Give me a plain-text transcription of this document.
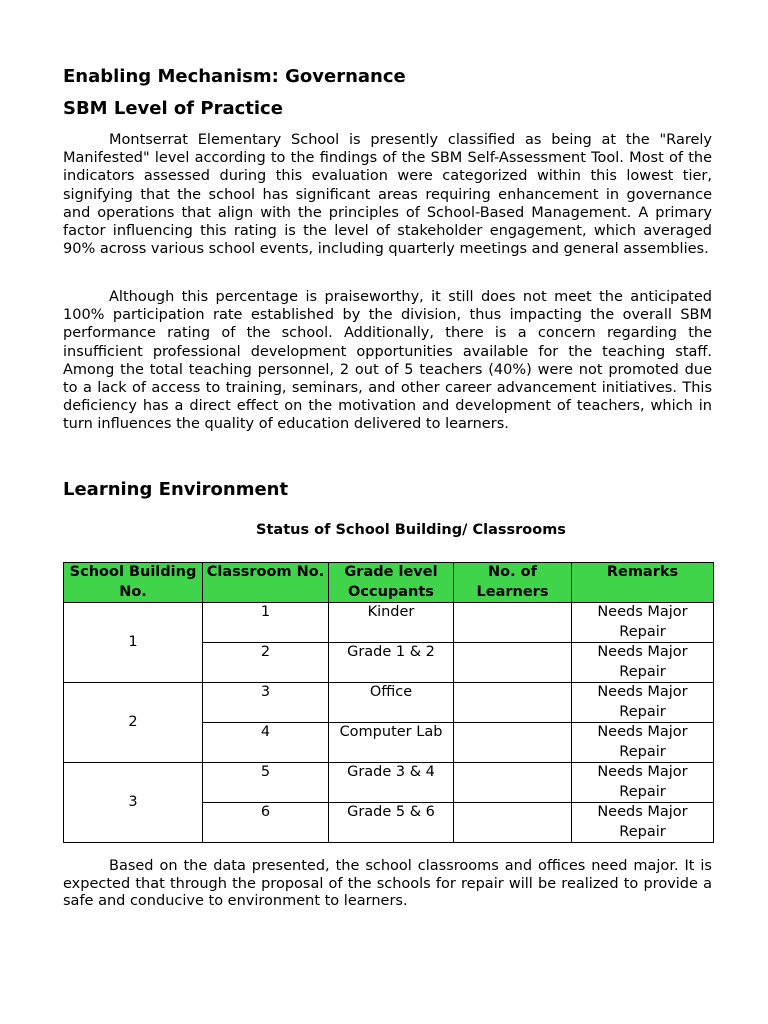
Enabling Mechanism: Governance
SBM Level of Practice

Montserrat Elementary School is presently classified as being at the "Rarely Manifested" level according to the findings of the SBM Self-Assessment Tool. Most of the indicators assessed during this evaluation were categorized within this lowest tier, signifying that the school has significant areas requiring enhancement in governance and operations that align with the principles of School-Based Management. A primary factor influencing this rating is the level of stakeholder engagement, which averaged 90% across various school events, including quarterly meetings and general assemblies.

Although this percentage is praiseworthy, it still does not meet the anticipated 100% participation rate established by the division, thus impacting the overall SBM performance rating of the school. Additionally, there is a concern regarding the insufficient professional development opportunities available for the teaching staff. Among the total teaching personnel, 2 out of 5 teachers (40%) were not promoted due to a lack of access to training, seminars, and other career advancement initiatives. This deficiency has a direct effect on the motivation and development of teachers, which in turn influences the quality of education delivered to learners.

Learning Environment
Status of School Building/ Classrooms
School Building No.	Classroom No.	Grade level Occupants	No. of Learners	Remarks
1	1	Kinder		Needs Major Repair
	2	Grade 1 & 2		Needs Major Repair
2	3	Office		Needs Major Repair
	4	Computer Lab		Needs Major Repair
3	5	Grade 3 & 4		Needs Major Repair
	6	Grade 5 & 6		Needs Major Repair

Based on the data presented, the school classrooms and offices need major. It is expected that through the proposal of the schools for repair will be realized to provide a safe and conducive to environment to learners.
